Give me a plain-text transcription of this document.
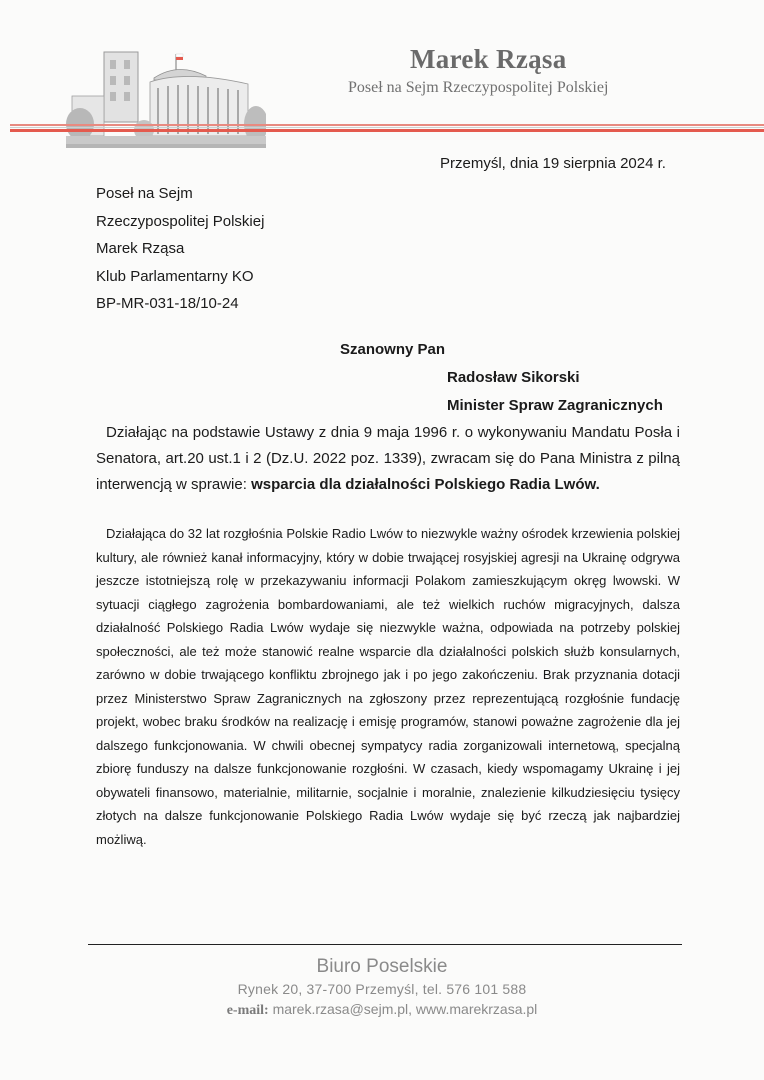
Marek Rząsa
Poseł na Sejm Rzeczypospolitej Polskiej
Przemyśl, dnia 19 sierpnia 2024 r.
Poseł na Sejm
Rzeczypospolitej Polskiej
Marek Rząsa
Klub Parlamentarny KO
BP-MR-031-18/10-24
Szanowny Pan
Radosław Sikorski
Minister Spraw Zagranicznych
Działając na podstawie Ustawy z dnia 9 maja 1996 r. o wykonywaniu Mandatu Posła i Senatora, art.20 ust.1 i 2 (Dz.U. 2022 poz. 1339), zwracam się do Pana Ministra z pilną interwencją w sprawie: wsparcia dla działalności Polskiego Radia Lwów.
Działająca do 32 lat rozgłośnia Polskie Radio Lwów to niezwykle ważny ośrodek krzewienia polskiej kultury, ale również kanał informacyjny, który w dobie trwającej rosyjskiej agresji na Ukrainę odgrywa jeszcze istotniejszą rolę w przekazywaniu informacji Polakom zamieszkującym okręg lwowski. W sytuacji ciągłego zagrożenia bombardowaniami, ale też wielkich ruchów migracyjnych, dalsza działalność Polskiego Radia Lwów wydaje się niezwykle ważna, odpowiada na potrzeby polskiej społeczności, ale też może stanowić realne wsparcie dla działalności polskich służb konsularnych, zarówno w dobie trwającego konfliktu zbrojnego jak i po jego zakończeniu. Brak przyznania dotacji przez Ministerstwo Spraw Zagranicznych na zgłoszony przez reprezentującą rozgłośnie fundację projekt, wobec braku środków na realizację i emisję programów, stanowi poważne zagrożenie dla jej dalszego funkcjonowania. W chwili obecnej sympatycy radia zorganizowali internetową, specjalną zbiorę funduszy na dalsze funkcjonowanie rozgłośni. W czasach, kiedy wspomagamy Ukrainę i jej obywateli finansowo, materialnie, militarnie, socjalnie i moralnie, znalezienie kilkudziesięciu tysięcy złotych na dalsze funkcjonowanie Polskiego Radia Lwów wydaje się być rzeczą jak najbardziej możliwą.
Biuro Poselskie
Rynek 20, 37-700 Przemyśl, tel. 576 101 588
e-mail: marek.rzasa@sejm.pl, www.marekrzasa.pl
